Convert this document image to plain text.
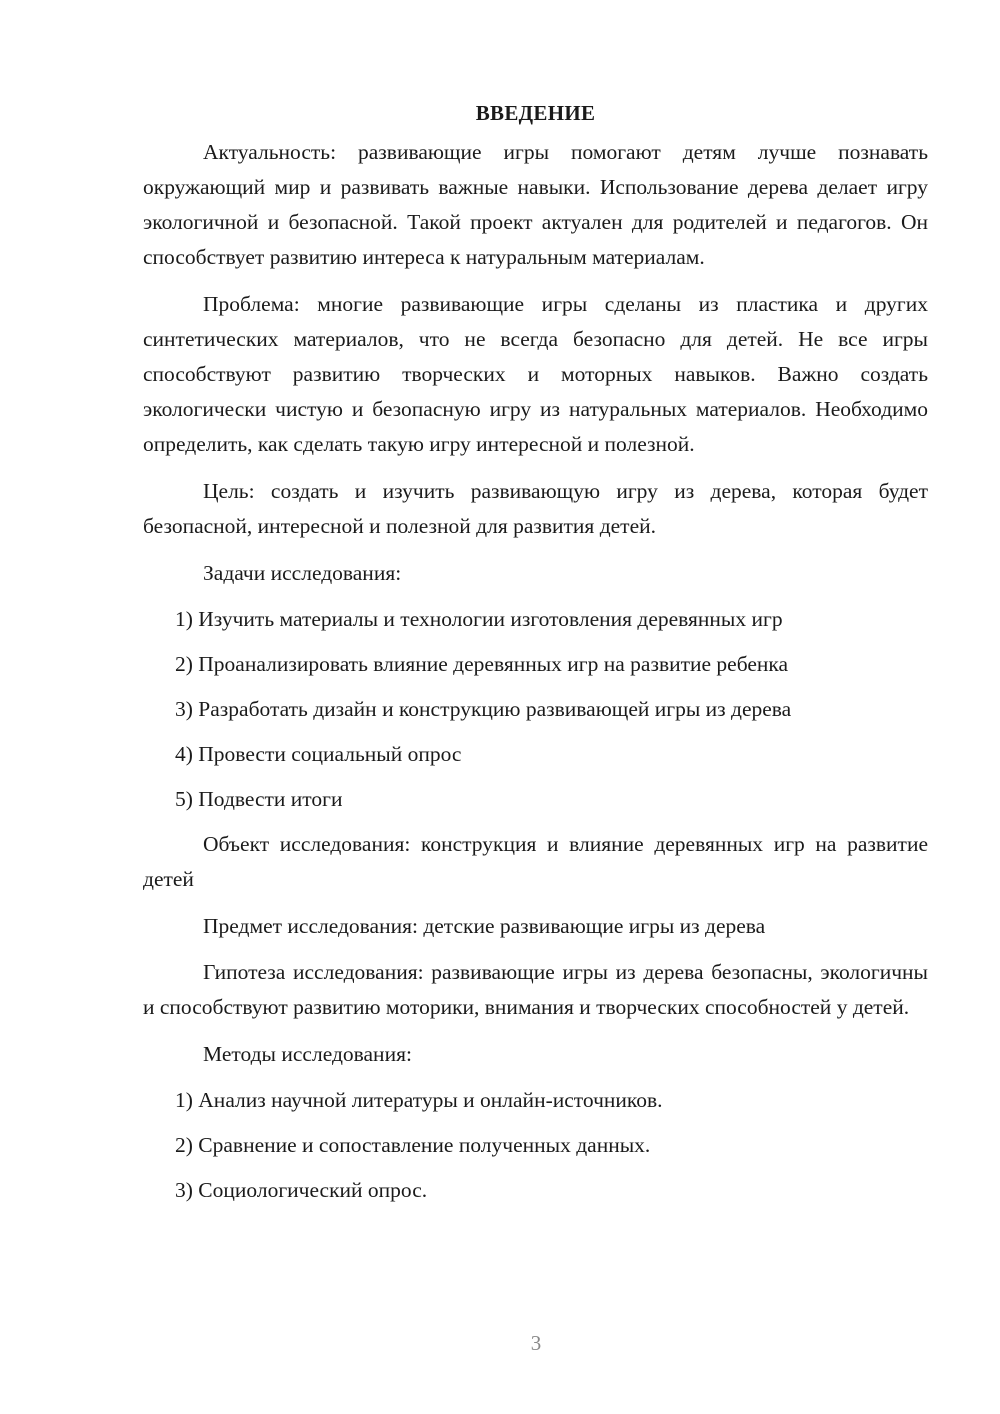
ВВЕДЕНИЕ

Актуальность: развивающие игры помогают детям лучше познавать окружающий мир и развивать важные навыки. Использование дерева делает игру экологичной и безопасной. Такой проект актуален для родителей и педагогов. Он способствует развитию интереса к натуральным материалам.

Проблема: многие развивающие игры сделаны из пластика и других синтетических материалов, что не всегда безопасно для детей. Не все игры способствуют развитию творческих и моторных навыков. Важно создать экологически чистую и безопасную игру из натуральных материалов. Необходимо определить, как сделать такую игру интересной и полезной.

Цель: создать и изучить развивающую игру из дерева, которая будет безопасной, интересной и полезной для развития детей.

Задачи исследования:

1) Изучить материалы и технологии изготовления деревянных игр
2) Проанализировать влияние деревянных игр на развитие ребенка
3) Разработать дизайн и конструкцию развивающей игры из дерева
4) Провести социальный опрос
5) Подвести итоги

Объект исследования: конструкция и влияние деревянных игр на развитие детей

Предмет исследования: детские развивающие игры из дерева

Гипотеза исследования: развивающие игры из дерева безопасны, экологичны и способствуют развитию моторики, внимания и творческих способностей у детей.

Методы исследования:

1) Анализ научной литературы и онлайн-источников.
2) Сравнение и сопоставление полученных данных.
3) Социологический опрос.
3
